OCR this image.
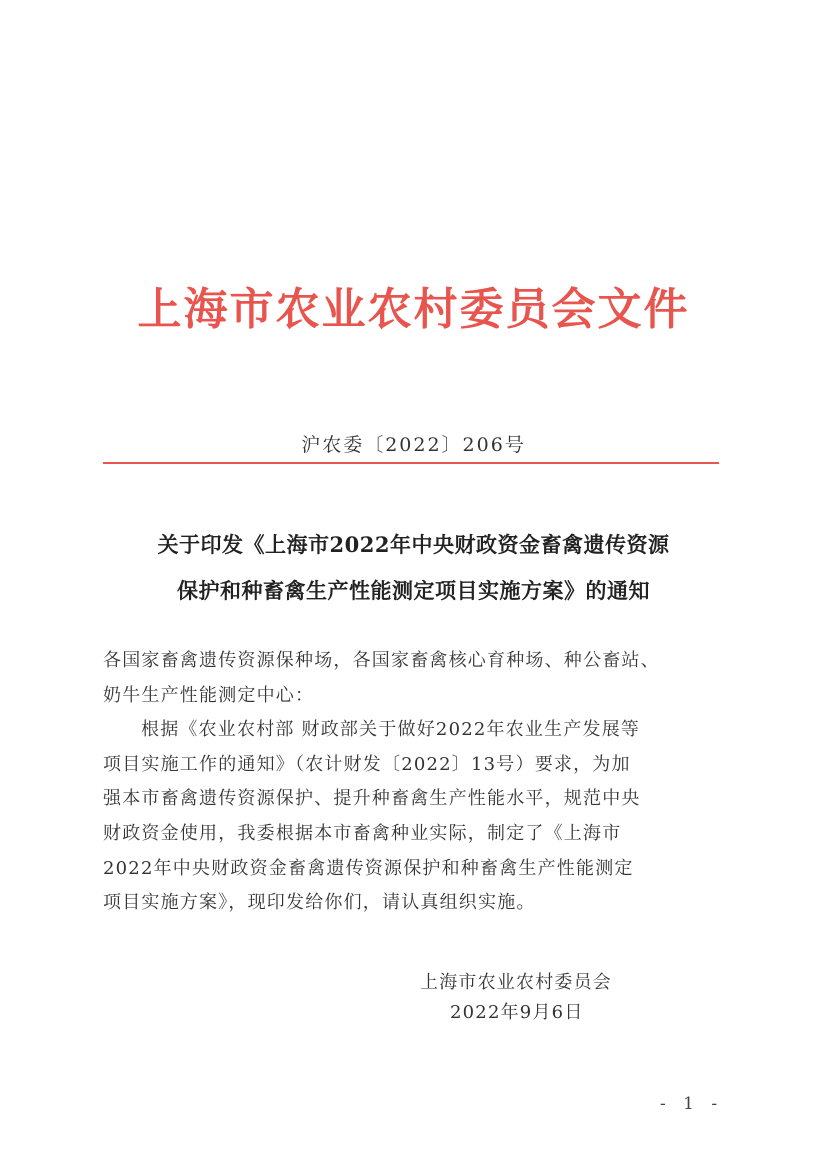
上海市农业农村委员会文件
沪农委〔2022〕206号
关于印发《上海市2022年中央财政资金畜禽遗传资源
保护和种畜禽生产性能测定项目实施方案》的通知
各国家畜禽遗传资源保种场，各国家畜禽核心育种场、种公畜站、
奶牛生产性能测定中心：
根据《农业农村部 财政部关于做好2022年农业生产发展等
项目实施工作的通知》（农计财发〔2022〕13号）要求，为加
强本市畜禽遗传资源保护、提升种畜禽生产性能水平，规范中央
财政资金使用，我委根据本市畜禽种业实际，制定了《上海市
2022年中央财政资金畜禽遗传资源保护和种畜禽生产性能测定
项目实施方案》，现印发给你们，请认真组织实施。
上海市农业农村委员会
2022年9月6日
- 1 -
